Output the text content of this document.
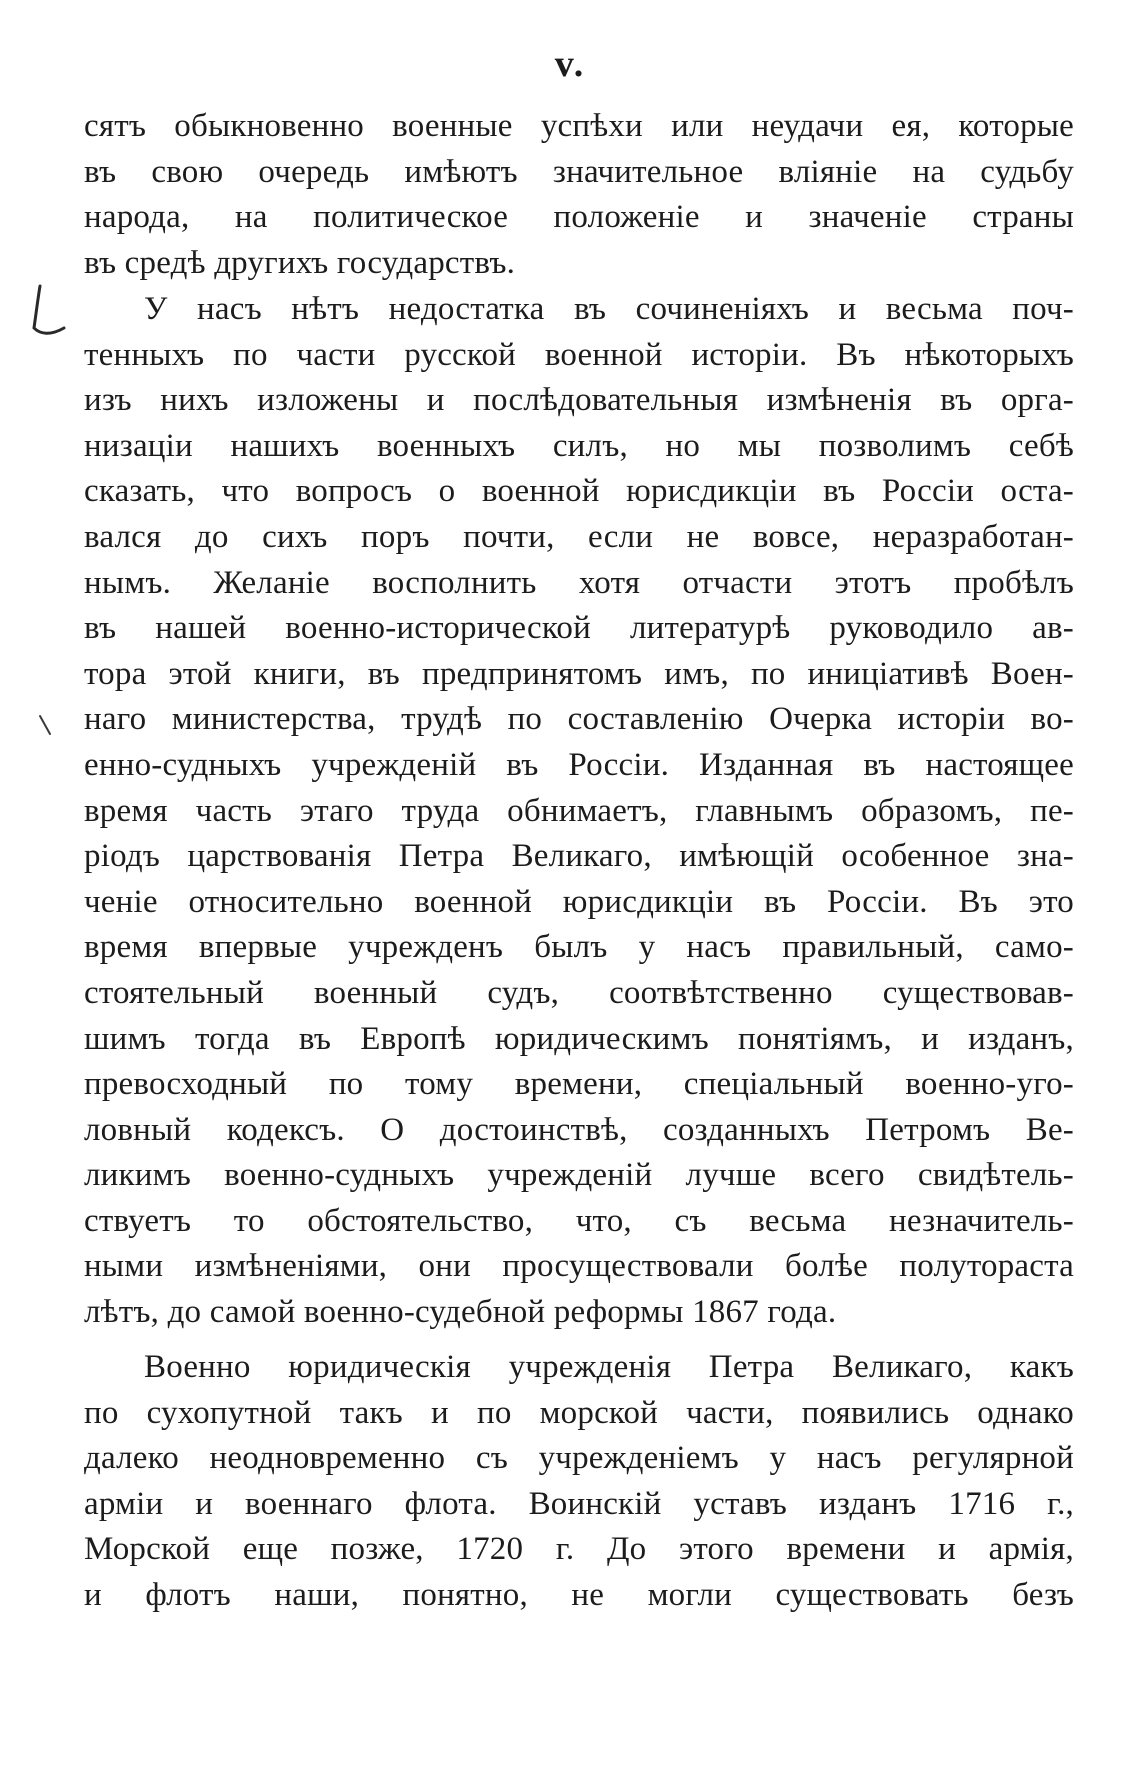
v.
сятъ обыкновенно военные успѣхи или неудачи ея, которые
въ свою очередь имѣютъ значительное вліяніе на судьбу
народа, на политическое положеніе и значеніе страны
въ средѣ другихъ государствъ.
У насъ нѣтъ недостатка въ сочиненіяхъ и весьма поч-
тенныхъ по части русской военной исторіи. Въ нѣкоторыхъ
изъ нихъ изложены и послѣдовательныя измѣненія въ орга-
низаціи нашихъ военныхъ силъ, но мы позволимъ себѣ
сказать, что вопросъ о военной юрисдикціи въ Россіи оста-
вался до сихъ поръ почти, если не вовсе, неразработан-
нымъ. Желаніе восполнить хотя отчасти этотъ пробѣлъ
въ нашей военно-исторической литературѣ руководило ав-
тора этой книги, въ предпринятомъ имъ, по иниціативѣ Воен-
наго министерства, трудѣ по составленію Очерка исторіи во-
енно-судныхъ учрежденій въ Россіи. Изданная въ настоящее
время часть этаго труда обнимаетъ, главнымъ образомъ, пе-
ріодъ царствованія Петра Великаго, имѣющій особенное зна-
ченіе относительно военной юрисдикціи въ Россіи. Въ это
время впервые учрежденъ былъ у насъ правильный, само-
стоятельный военный судъ, соотвѣтственно существовав-
шимъ тогда въ Европѣ юридическимъ понятіямъ, и изданъ,
превосходный по тому времени, спеціальный военно-уго-
ловный кодексъ. О достоинствѣ, созданныхъ Петромъ Ве-
ликимъ военно-судныхъ учрежденій лучше всего свидѣтель-
ствуетъ то обстоятельство, что, съ весьма незначитель-
ными измѣненіями, они просуществовали болѣе полутораста
лѣтъ, до самой военно-судебной реформы 1867 года.
Военно юридическія учрежденія Петра Великаго, какъ
по сухопутной такъ и по морской части, появились однако
далеко неодновременно съ учрежденіемъ у насъ регулярной
арміи и военнаго флота. Воинскій уставъ изданъ 1716 г.,
Морской еще позже, 1720 г. До этого времени и армія,
и флотъ наши, понятно, не могли существовать безъ
